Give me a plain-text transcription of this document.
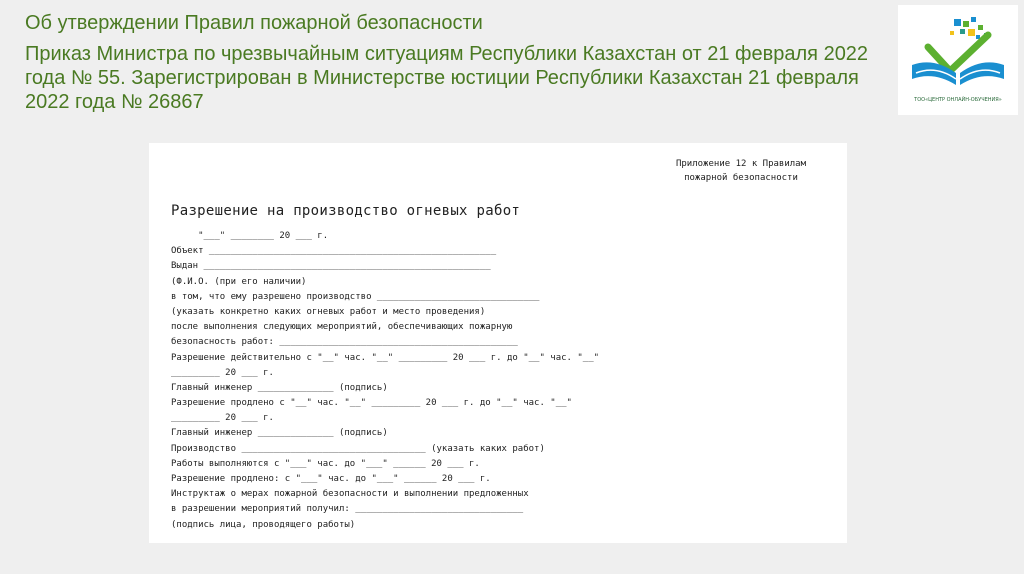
Об утверждении Правил пожарной безопасности

Приказ Министра по чрезвычайным ситуациям Республики Казахстан от 21 февраля 2022 года № 55. Зарегистрирован в Министерстве юстиции Республики Казахстан 21 февраля 2022 года № 26867	ТОО«ЦЕНТР ОНЛАЙН-ОБУЧЕНИЯ»
Приложение 12 к Правилам
пожарной безопасности
Разрешение на производство огневых работ
"___" ________ 20 ___ г.
Объект _____________________________________________________
Выдан _____________________________________________________
(Ф.И.О. (при его наличии)
в том, что ему разрешено производство ______________________________
(указать конкретно каких огневых работ и место проведения)
после выполнения следующих мероприятий, обеспечивающих пожарную
безопасность работ: ____________________________________________
Разрешение действительно с "__" час. "__" _________ 20 ___ г. до "__" час. "__"
_________ 20 ___ г.
Главный инженер ______________ (подпись)
Разрешение продлено с "__" час. "__" _________ 20 ___ г. до "__" час. "__"
_________ 20 ___ г.
Главный инженер ______________ (подпись)
Производство __________________________________ (указать каких работ)
Работы выполняются с "___" час. до "___" ______ 20 ___ г.
Разрешение продлено: с "___" час. до "___" ______ 20 ___ г.
Инструктаж о мерах пожарной безопасности и выполнении предложенных
в разрешении мероприятий получил: _______________________________
(подпись лица, проводящего работы)
